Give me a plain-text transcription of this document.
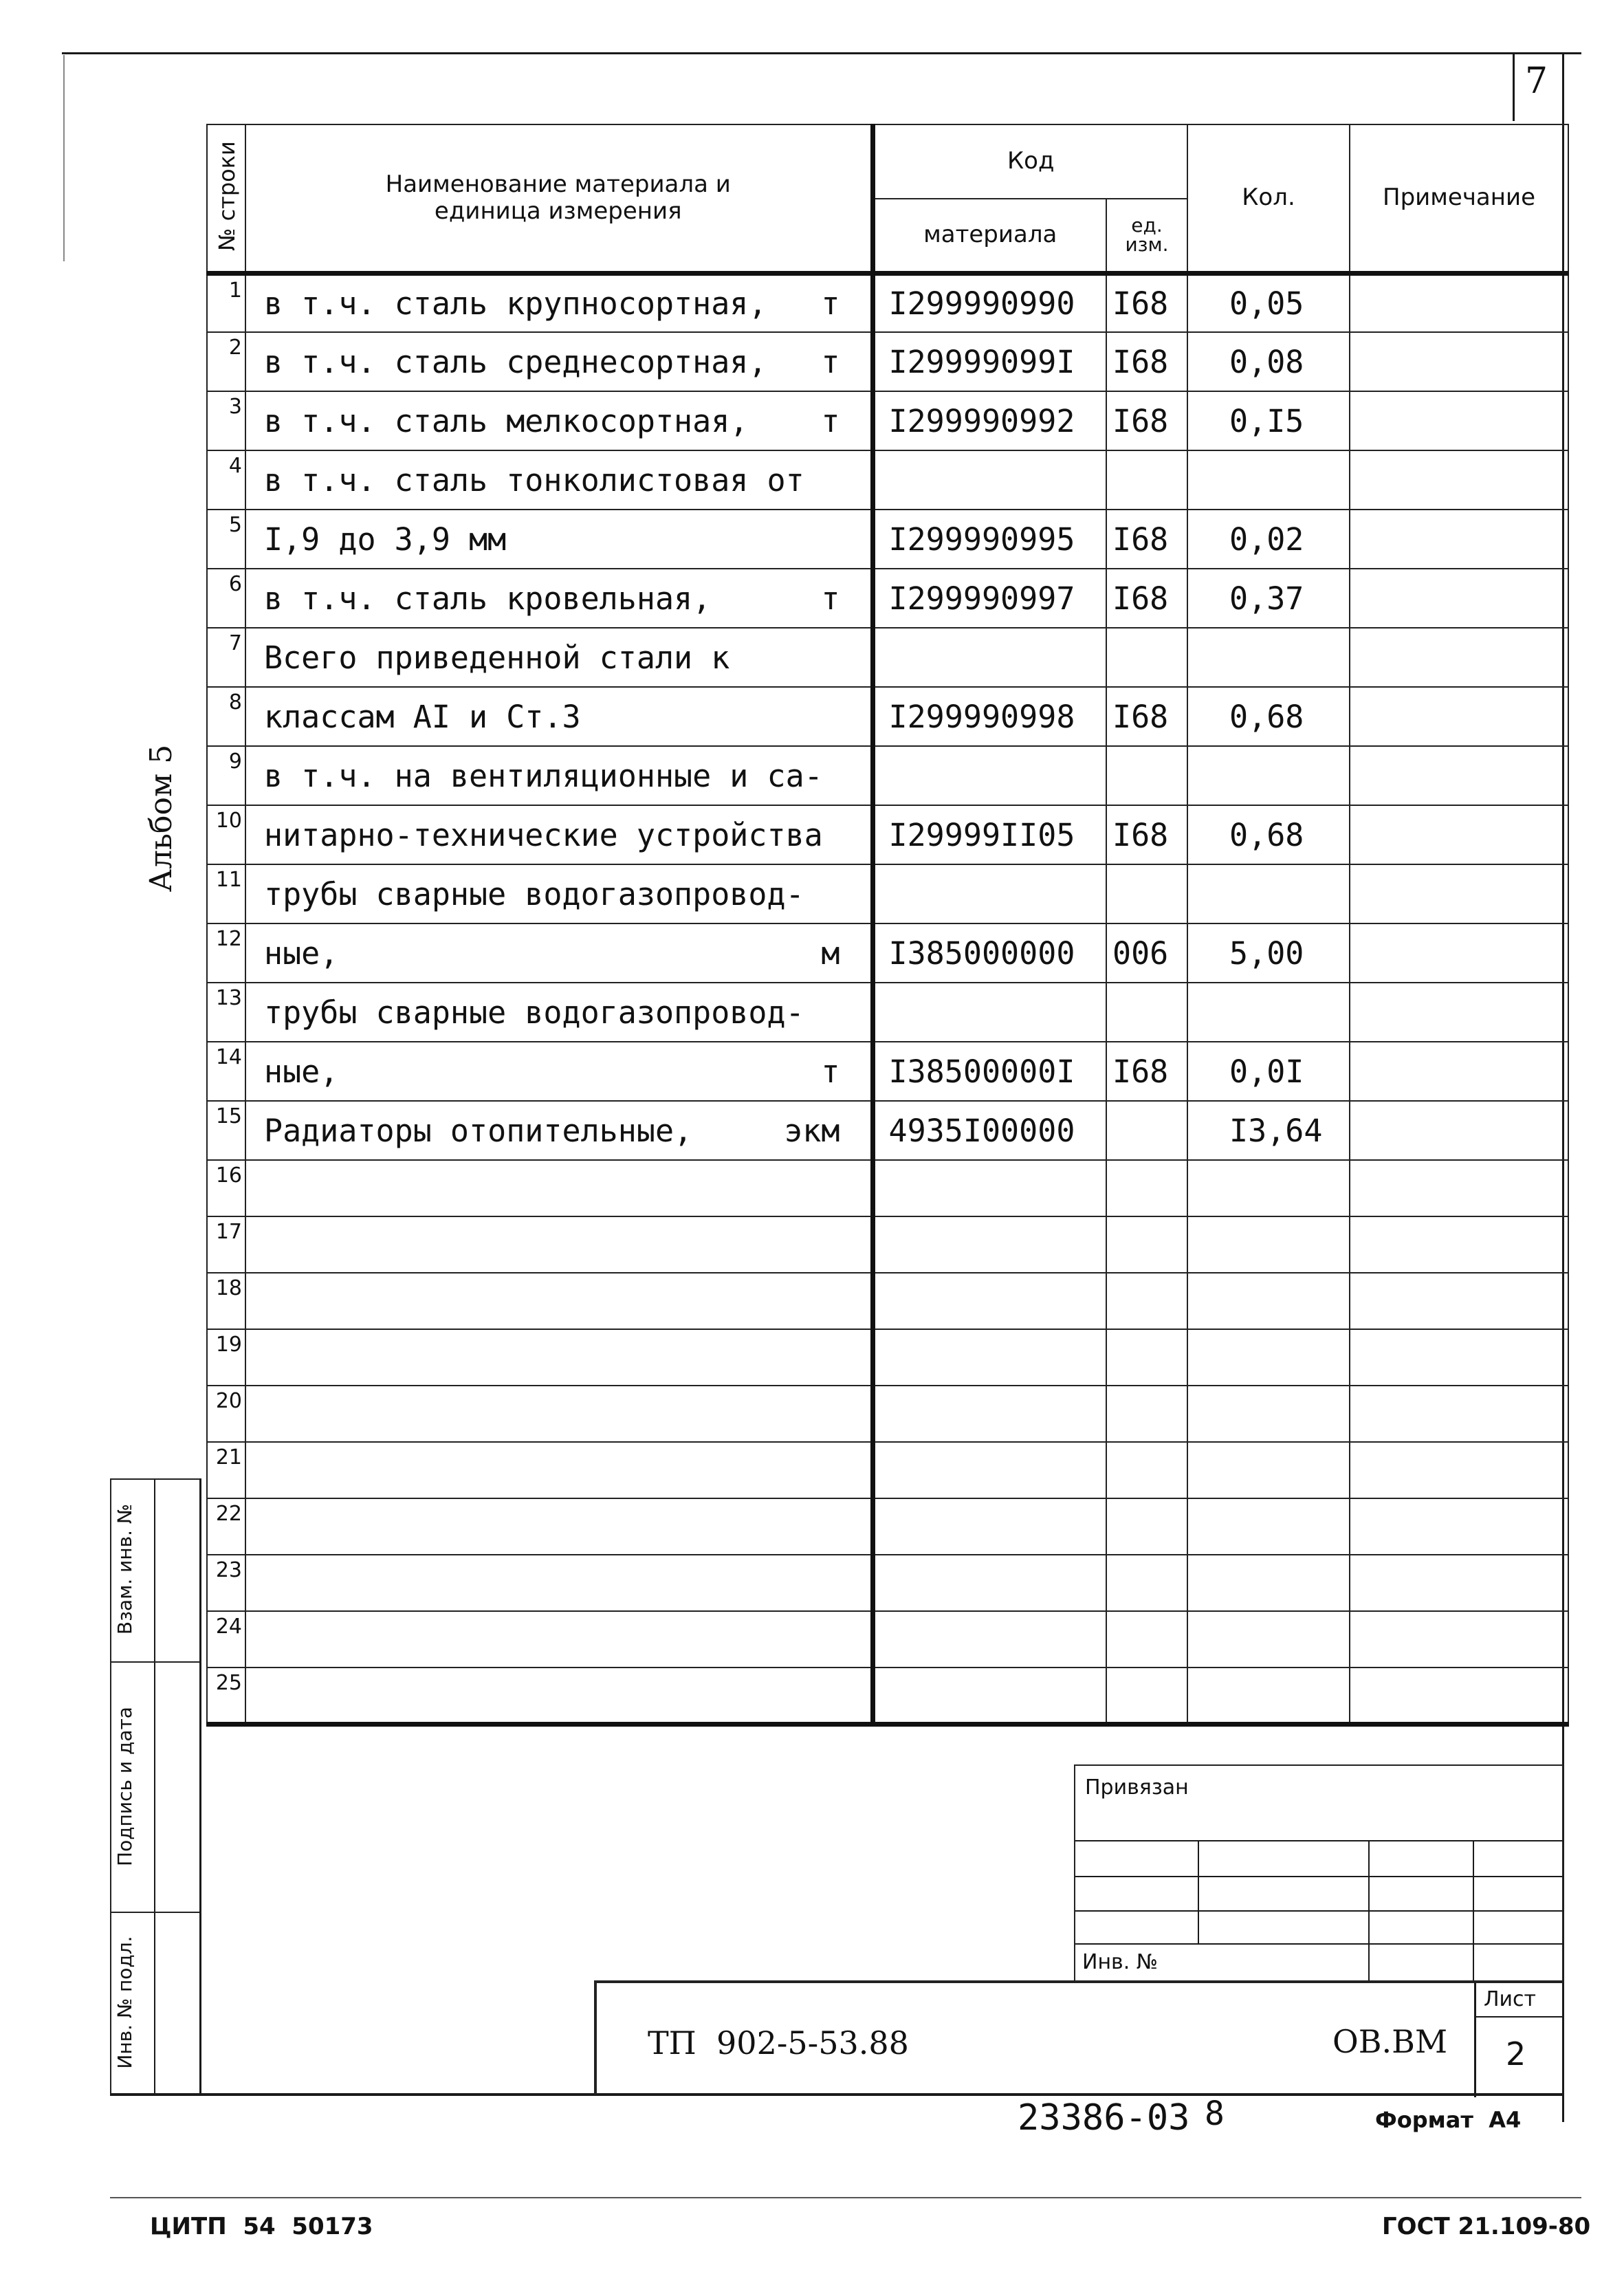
7
Альбом 5
№ строки	Наименование материала и
единица измерения	Код		Кол.	Примечание
		материала	ед.
изм.		
1	в т.ч. сталь крупносортная, т	I299990990	I68	0,05	
2	в т.ч. сталь среднесортная, т	I29999099I	I68	0,08	
3	в т.ч. сталь мелкосортная, т	I299990992	I68	0,I5	
4	в т.ч. сталь тонколистовая от				
5	I,9 до 3,9 мм	I299990995	I68	0,02	
6	в т.ч. сталь кровельная, т	I299990997	I68	0,37	
7	Всего приведенной стали к				
8	классам AI и Ст.3	I299990998	I68	0,68	
9	в т.ч. на вентиляционные и са-				
10	нитарно-технические устройства	I29999II05	I68	0,68	
11	трубы сварные водогазопровод-				
12	ные, м	I385000000	006	5,00	
13	трубы сварные водогазопровод-				
14	ные, т	I38500000I	I68	0,0I	
15	Радиаторы отопительные, экм	4935I00000		I3,64	
16					
17					
18					
19					
20					
21					
22					
23					
24					
25					
Взам. инв. №
Подпись и дата
Инв. № подл.
Привязан
Инв. №
ТП  902-5-53.88	ОВ.ВМ
Лист
2
23386-03 8	Формат  А4
ЦИТП  54  50173	ГОСТ 21.109-80
